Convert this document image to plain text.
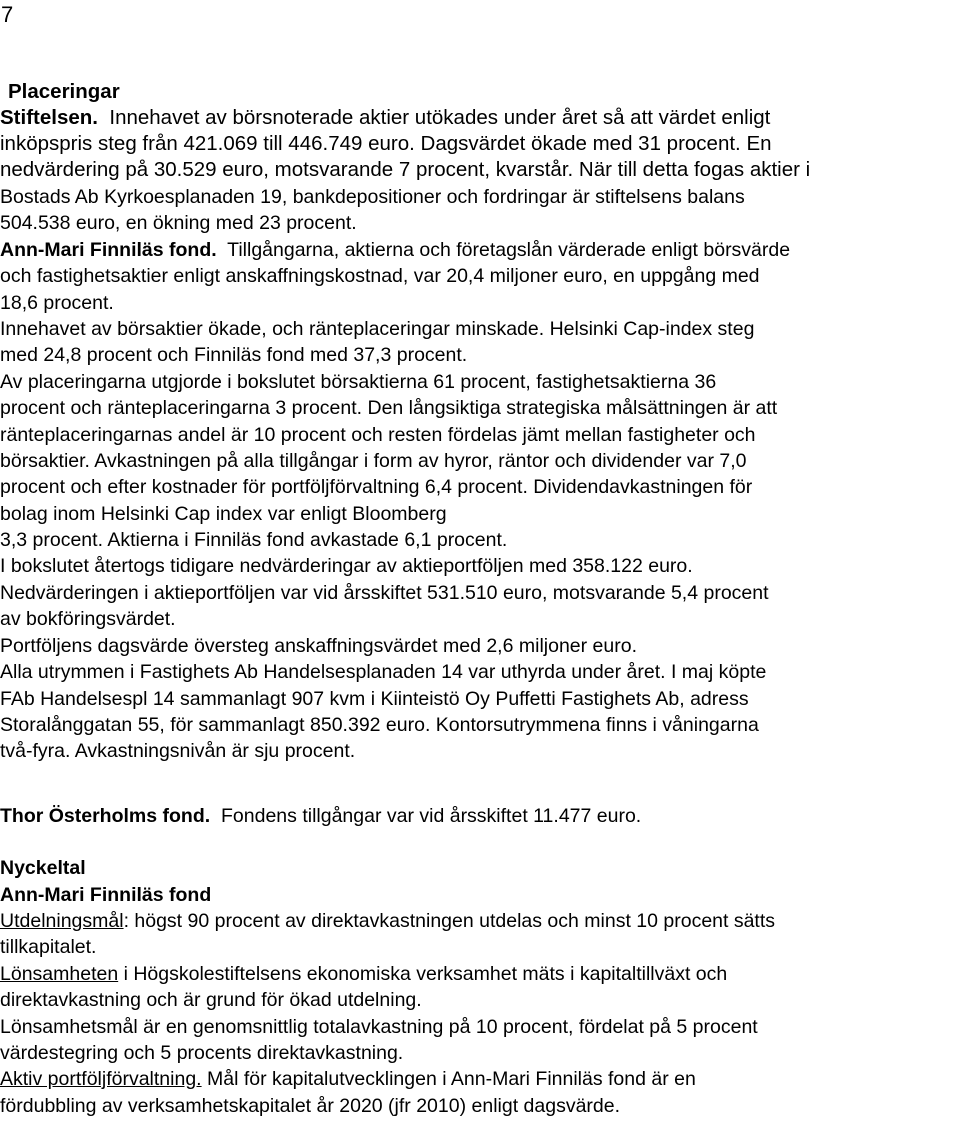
7
Placeringar
Stiftelsen. Innehavet av börsnoterade aktier utökades under året så att värdet enligt
inköpspris steg från 421.069 till 446.749 euro. Dagsvärdet ökade med 31 procent. En
nedvärdering på 30.529 euro, motsvarande 7 procent, kvarstår. När till detta fogas aktier i
Bostads Ab Kyrkoesplanaden 19, bankdepositioner och fordringar är stiftelsens balans
504.538 euro, en ökning med 23 procent.
Ann-Mari Finniläs fond. Tillgångarna, aktierna och företagslån värderade enligt börsvärde
och fastighetsaktier enligt anskaffningskostnad, var 20,4 miljoner euro, en uppgång med
18,6 procent.
Innehavet av börsaktier ökade, och ränteplaceringar minskade. Helsinki Cap-index steg
med 24,8 procent och Finniläs fond med 37,3 procent.
Av placeringarna utgjorde i bokslutet börsaktierna 61 procent, fastighetsaktierna 36
procent och ränteplaceringarna 3 procent. Den långsiktiga strategiska målsättningen är att
ränteplaceringarnas andel är 10 procent och resten fördelas jämt mellan fastigheter och
börsaktier. Avkastningen på alla tillgångar i form av hyror, räntor och dividender var 7,0
procent och efter kostnader för portföljförvaltning 6,4 procent. Dividendavkastningen för
bolag inom Helsinki Cap index var enligt Bloomberg
3,3 procent. Aktierna i Finniläs fond avkastade 6,1 procent.
I bokslutet återtogs tidigare nedvärderingar av aktieportföljen med 358.122 euro.
Nedvärderingen i aktieportföljen var vid årsskiftet 531.510 euro, motsvarande 5,4 procent
av bokföringsvärdet.
Portföljens dagsvärde översteg anskaffningsvärdet med 2,6 miljoner euro.
Alla utrymmen i Fastighets Ab Handelsesplanaden 14 var uthyrda under året. I maj köpte
FAb Handelsespl 14 sammanlagt 907 kvm i Kiinteistö Oy Puffetti Fastighets Ab, adress
Storalånggatan 55, för sammanlagt 850.392 euro. Kontorsutrymmena finns i våningarna
två-fyra. Avkastningsnivån är sju procent.
Thor Österholms fond. Fondens tillgångar var vid årsskiftet 11.477 euro.
Nyckeltal
Ann-Mari Finniläs fond
Utdelningsmål: högst 90 procent av direktavkastningen utdelas och minst 10 procent sätts
tillkapitalet.
Lönsamheten i Högskolestiftelsens ekonomiska verksamhet mäts i kapitaltillväxt och
direktavkastning och är grund för ökad utdelning.
Lönsamhetsmål är en genomsnittlig totalavkastning på 10 procent, fördelat på 5 procent
värdestegring och 5 procents direktavkastning.
Aktiv portföljförvaltning. Mål för kapitalutvecklingen i Ann-Mari Finniläs fond är en
fördubbling av verksamhetskapitalet år 2020 (jfr 2010) enligt dagsvärde.
